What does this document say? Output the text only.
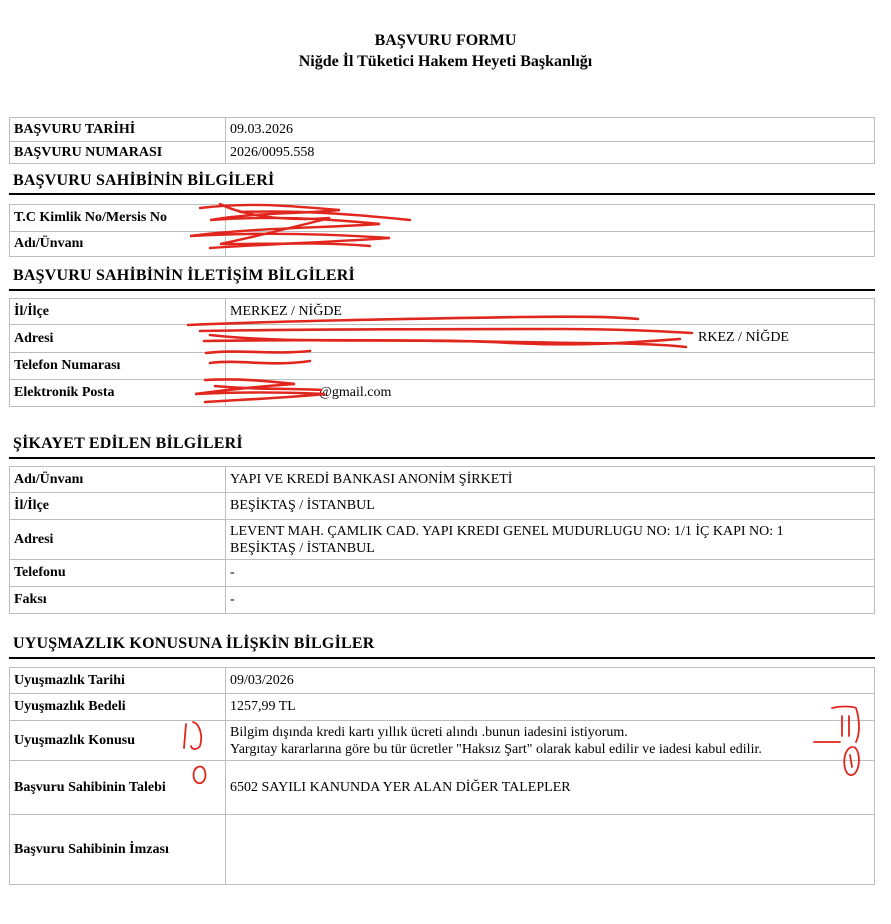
BAŞVURU FORMU
Niğde İl Tüketici Hakem Heyeti Başkanlığı
BAŞVURU TARİHİ	09.03.2026
BAŞVURU NUMARASI	2026/0095.558
BAŞVURU SAHİBİNİN BİLGİLERİ
T.C Kimlik No/Mersis No	
Adı/Ünvanı	
BAŞVURU SAHİBİNİN İLETİŞİM BİLGİLERİ
İl/İlçe	MERKEZ / NİĞDE
Adresi	RKEZ / NİĞDE

Telefon Numarası	
Elektronik Posta	@gmail.com
ŞİKAYET EDİLEN BİLGİLERİ
Adı/Ünvanı	YAPI VE KREDİ BANKASI ANONİM ŞİRKETİ
İl/İlçe	BEŞİKTAŞ / İSTANBUL
Adresi	LEVENT MAH. ÇAMLIK CAD. YAPI KREDI GENEL MUDURLUGU NO: 1/1 İÇ KAPI NO: 1
BEŞİKTAŞ / İSTANBUL

Telefonu	-
Faksı	-
UYUŞMAZLIK KONUSUNA İLİŞKİN BİLGİLER
Uyuşmazlık Tarihi	09/03/2026
Uyuşmazlık Bedeli	1257,99 TL
Uyuşmazlık Konusu	Bilgim dışında kredi kartı yıllık ücreti alındı .bunun iadesini istiyorum.
Yargıtay kararlarına göre bu tür ücretler "Haksız Şart" olarak kabul edilir ve iadesi kabul edilir.

Başvuru Sahibinin Talebi	6502 SAYILI KANUNDA YER ALAN DİĞER TALEPLER
Başvuru Sahibinin İmzası	
